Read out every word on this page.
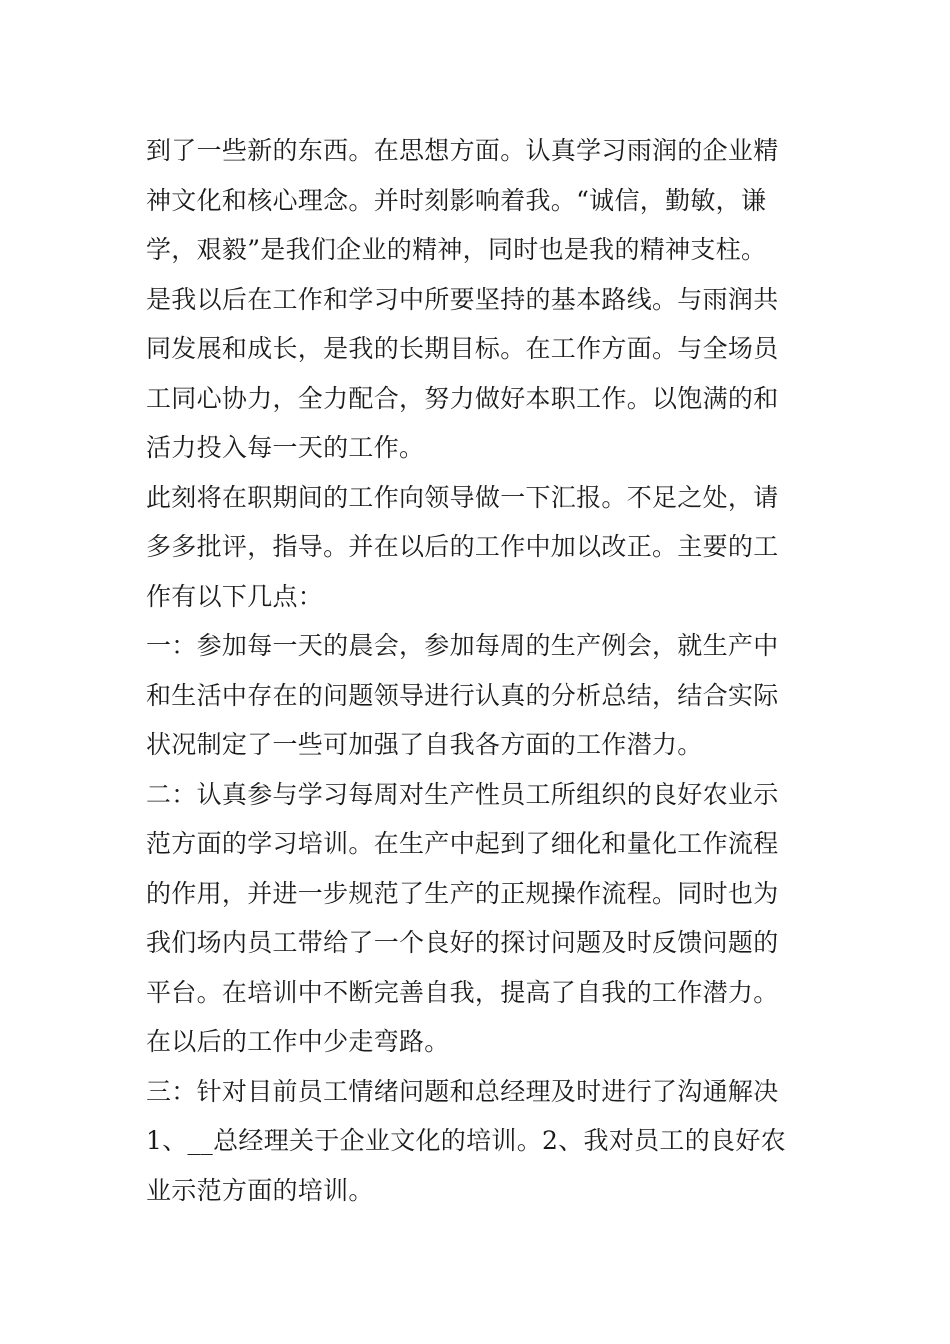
到了一些新的东西。在思想方面。认真学习雨润的企业精
神文化和核心理念。并时刻影响着我。“诚信，勤敏，谦
学，艰毅”是我们企业的精神，同时也是我的精神支柱。
是我以后在工作和学习中所要坚持的基本路线。与雨润共
同发展和成长，是我的长期目标。在工作方面。与全场员
工同心协力，全力配合，努力做好本职工作。以饱满的和
活力投入每一天的工作。
此刻将在职期间的工作向领导做一下汇报。不足之处，请
多多批评，指导。并在以后的工作中加以改正。主要的工
作有以下几点：
一：参加每一天的晨会，参加每周的生产例会，就生产中
和生活中存在的问题领导进行认真的分析总结，结合实际
状况制定了一些可加强了自我各方面的工作潜力。
二：认真参与学习每周对生产性员工所组织的良好农业示
范方面的学习培训。在生产中起到了细化和量化工作流程
的作用，并进一步规范了生产的正规操作流程。同时也为
我们场内员工带给了一个良好的探讨问题及时反馈问题的
平台。在培训中不断完善自我，提高了自我的工作潜力。
在以后的工作中少走弯路。
三：针对目前员工情绪问题和总经理及时进行了沟通解决
1、__总经理关于企业文化的培训。2、我对员工的良好农
业示范方面的培训。
